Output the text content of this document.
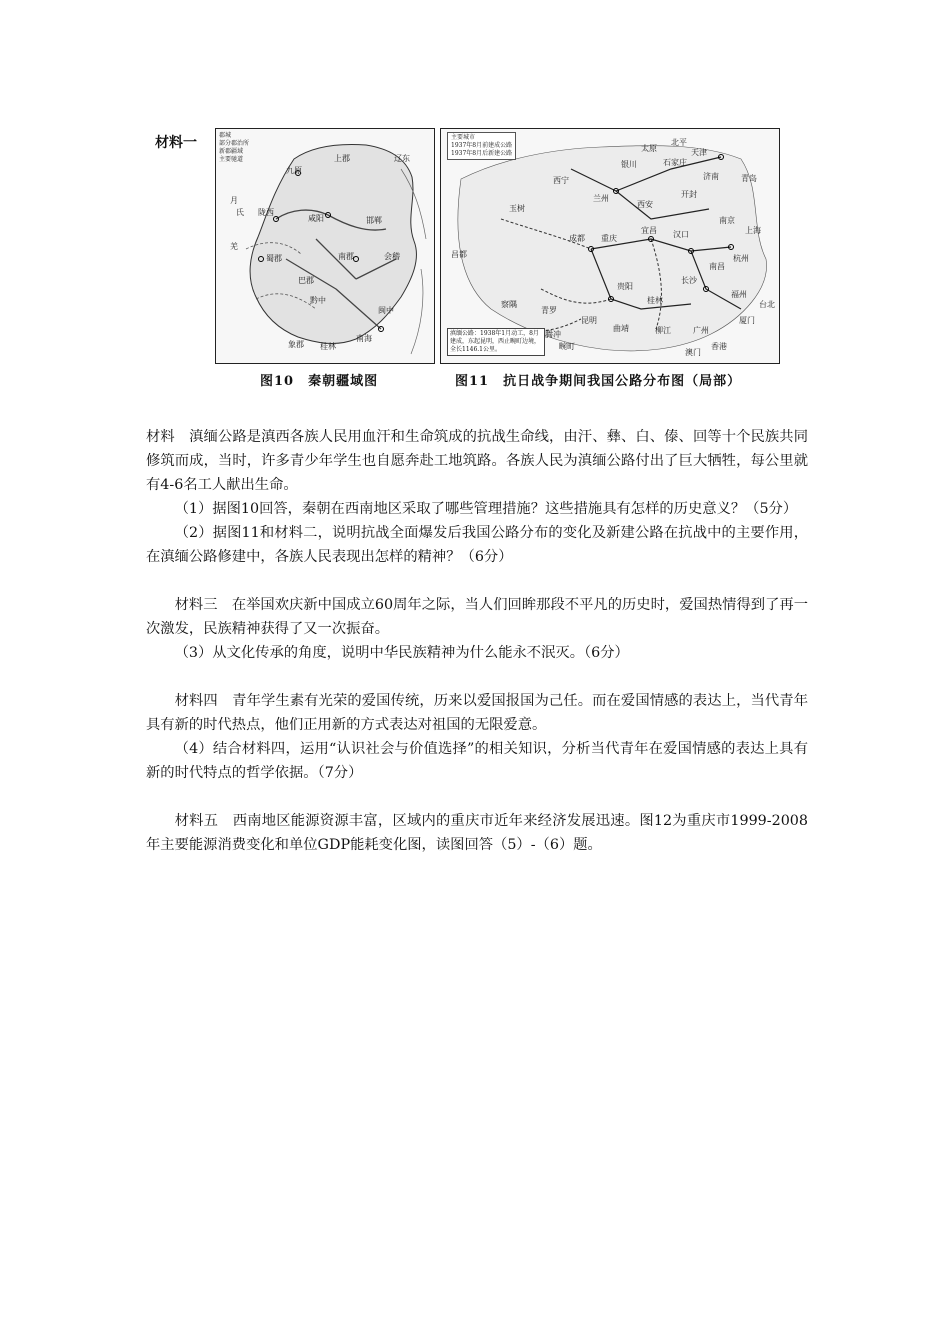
材料一	郡城
部分郡治所
新郡疆域
主要驰道	上郡
九原
辽东
月
氏 陇西
咸阳	邯郸
羌
蜀郡	南郡	会稽
巴郡
黔中
闽中
象郡 桂林
南海
主要城市
1937年8月前建成公路
1937年8月后新建公路
北平
太原	天津
银川	石家庄
济南	青岛
西宁
开封
兰州
西安
南京
上海
玉树
成都 重庆
宜昌 汉口
杭州
南昌
长沙
贵阳
桂林
福州
台北
厦门
广州
香港
澳门
昆明
腾冲
畹町
青罗
曲靖	柳江
昌都
察隅
滇缅公路：1938年1月动工，8月建成，东起昆明，西止畹町边境，全长1146.1公里。
图10　秦朝疆域图	图11　抗日战争期间我国公路分布图（局部）

材料　滇缅公路是滇西各族人民用血汗和生命筑成的抗战生命线，由汗、彝、白、傣、回等十个民族共同修筑而成，当时，许多青少年学生也自愿奔赴工地筑路。各族人民为滇缅公路付出了巨大牺牲，每公里就有4-6名工人献出生命。

（1）据图10回答，秦朝在西南地区采取了哪些管理措施？这些措施具有怎样的历史意义？（5分）

（2）据图11和材料二，说明抗战全面爆发后我国公路分布的变化及新建公路在抗战中的主要作用，在滇缅公路修建中，各族人民表现出怎样的精神？（6分）

材料三　在举国欢庆新中国成立60周年之际，当人们回眸那段不平凡的历史时，爱国热情得到了再一次激发，民族精神获得了又一次振奋。

（3）从文化传承的角度，说明中华民族精神为什么能永不泯灭。（6分）

材料四　青年学生素有光荣的爱国传统，历来以爱国报国为己任。而在爱国情感的表达上，当代青年具有新的时代热点，他们正用新的方式表达对祖国的无限爱意。

（4）结合材料四，运用“认识社会与价值选择”的相关知识，分析当代青年在爱国情感的表达上具有新的时代特点的哲学依据。（7分）

材料五　西南地区能源资源丰富，区域内的重庆市近年来经济发展迅速。图12为重庆市1999-2008年主要能源消费变化和单位GDP能耗变化图，读图回答（5）-（6）题。
